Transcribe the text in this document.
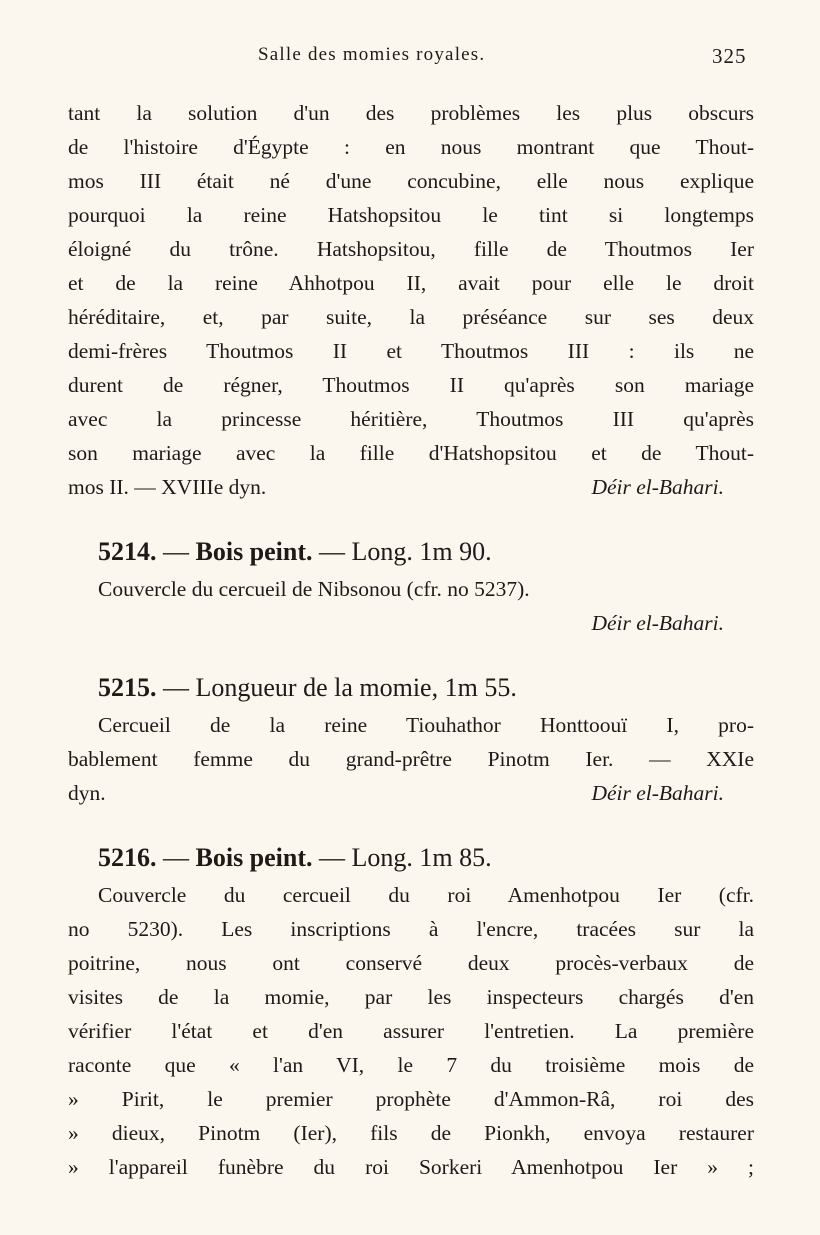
Salle des momies royales.	325
tant la solution d'un des problèmes les plus obscurs
de l'histoire d'Égypte : en nous montrant que Thout-
mos III était né d'une concubine, elle nous explique
pourquoi la reine Hatshopsitou le tint si longtemps
éloigné du trône. Hatshopsitou, fille de Thoutmos Ier
et de la reine Ahhotpou II, avait pour elle le droit
héréditaire, et, par suite, la préséance sur ses deux
demi-frères Thoutmos II et Thoutmos III : ils ne
durent de régner, Thoutmos II qu'après son mariage
avec la princesse héritière, Thoutmos III qu'après
son mariage avec la fille d'Hatshopsitou et de Thout-
mos II. — XVIIIe dyn.	Déir el-Bahari.
5214. — Bois peint. — Long. 1m 90.
Couvercle du cercueil de Nibsonou (cfr. no 5237).
Déir el-Bahari.
5215. — Longueur de la momie, 1m 55.
Cercueil de la reine Tiouhathor Honttoouï I, pro-
bablement femme du grand-prêtre Pinotm Ier. — XXIe
dyn.	Déir el-Bahari.
5216. — Bois peint. — Long. 1m 85.
Couvercle du cercueil du roi Amenhotpou Ier (cfr.
no 5230). Les inscriptions à l'encre, tracées sur la
poitrine, nous ont conservé deux procès-verbaux de
visites de la momie, par les inspecteurs chargés d'en
vérifier l'état et d'en assurer l'entretien. La première
raconte que « l'an VI, le 7 du troisième mois de
» Pirit, le premier prophète d'Ammon-Râ, roi des
» dieux, Pinotm (Ier), fils de Pionkh, envoya restaurer
» l'appareil funèbre du roi Sorkeri Amenhotpou Ier » ;
